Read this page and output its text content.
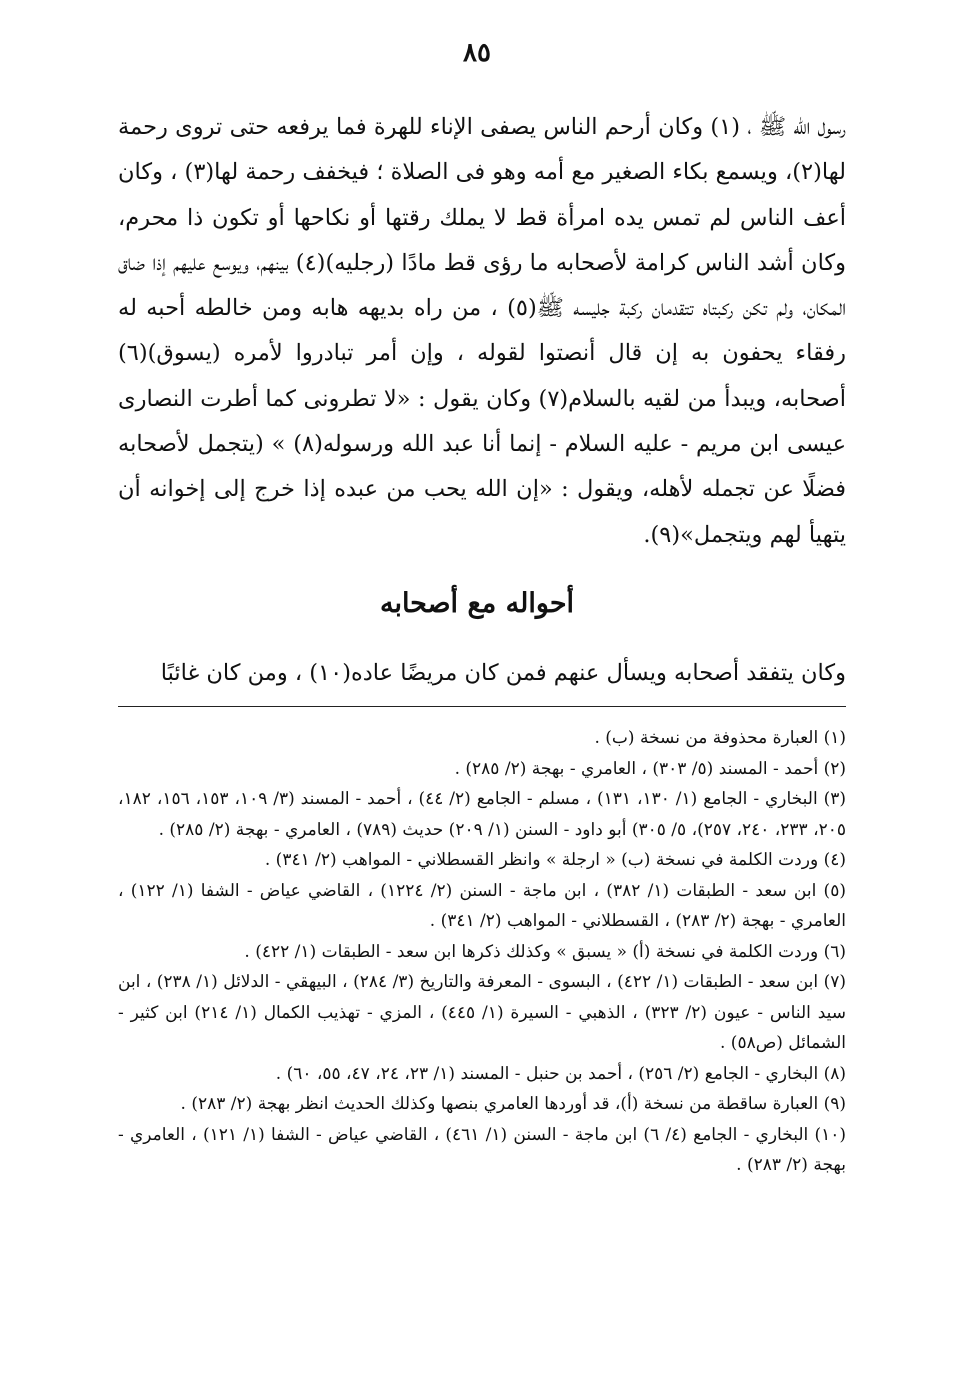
٨٥

رسول الله ﷺ ، (١) وكان أرحم الناس يصفى الإناء للهرة فما يرفعه حتى تروى رحمة لها(٢)، ويسمع بكاء الصغير مع أمه وهو فى الصلاة ؛ فيخفف رحمة لها(٣) ، وكان أعف الناس لم تمس يده امرأة قط لا يملك رقتها أو نكاحها أو تكون ذا محرم، وكان أشد الناس كرامة لأصحابه ما رؤى قط مادًا (رجليه)(٤) بينهم، ويوسع عليهم إذا ضاق المكان، ولم تكن ركبتاه تتقدمان ركبة جليسه ﷺ(٥) ، من راه بديهه هابه ومن خالطه أحبه له رفقاء يحفون به إن قال أنصتوا لقوله ، وإن أمر تبادروا لأمره (يسوق)(٦) أصحابه، ويبدأ من لقيه بالسلام(٧) وكان يقول : «لا تطرونى كما أطرت النصارى عيسى ابن مريم - عليه السلام - إنما أنا عبد الله ورسوله(٨) » (يتجمل لأصحابه فضلًا عن تجمله لأهله، ويقول : «إن الله يحب من عبده إذا خرج إلى إخوانه أن يتهيأ لهم ويتجمل»(٩).

أحواله مع أصحابه
وكان يتفقد أصحابه ويسأل عنهم فمن كان مريضًا عاده(١٠) ، ومن كان غائبًا

(١) العبارة محذوفة من نسخة (ب) .

(٢) أحمد - المسند (٥/ ٣٠٣) ، العامري - بهجة (٢/ ٢٨٥) .

(٣) البخاري - الجامع (١/ ١٣٠، ١٣١) ، مسلم - الجامع (٢/ ٤٤) ، أحمد - المسند (٣/ ١٠٩، ١٥٣، ١٥٦، ١٨٢، ٢٠٥، ٢٣٣، ٢٤٠، ٢٥٧)، ٥/ ٣٠٥) أبو داود - السنن (١/ ٢٠٩) حديث (٧٨٩) ، العامري - بهجة (٢/ ٢٨٥) .

(٤) وردت الكلمة في نسخة (ب) « ارجلة » وانظر القسطلاني - المواهب (٢/ ٣٤١) .

(٥) ابن سعد - الطبقات (١/ ٣٨٢) ، ابن ماجة - السنن (٢/ ١٢٢٤) ، القاضي عياض - الشفا (١/ ١٢٢) ، العامري - بهجة (٢/ ٢٨٣) ، القسطلاني - المواهب (٢/ ٣٤١) .

(٦) وردت الكلمة في نسخة (أ) « يسبق » وكذلك ذكرها ابن سعد - الطبقات (١/ ٤٢٢) .

(٧) ابن سعد - الطبقات (١/ ٤٢٢) ، البسوى - المعرفة والتاريخ (٣/ ٢٨٤) ، البيهقي - الدلائل (١/ ٢٣٨) ، ابن سيد الناس - عيون (٢/ ٣٢٣) ، الذهبي - السيرة (١/ ٤٤٥) ، المزي - تهذيب الكمال (١/ ٢١٤) ابن كثير - الشمائل (ص٥٨) .

(٨) البخاري - الجامع (٢/ ٢٥٦) ، أحمد بن حنبل - المسند (١/ ٢٣، ٢٤، ٤٧، ٥٥، ٦٠) .

(٩) العبارة ساقطة من نسخة (أ)، قد أوردها العامري بنصها وكذلك الحديث انظر بهجة (٢/ ٢٨٣) .

(١٠) البخاري - الجامع (٤/ ٦) ابن ماجة - السنن (١/ ٤٦١) ، القاضي عياض - الشفا (١/ ١٢١) ، العامري - بهجة (٢/ ٢٨٣) .
